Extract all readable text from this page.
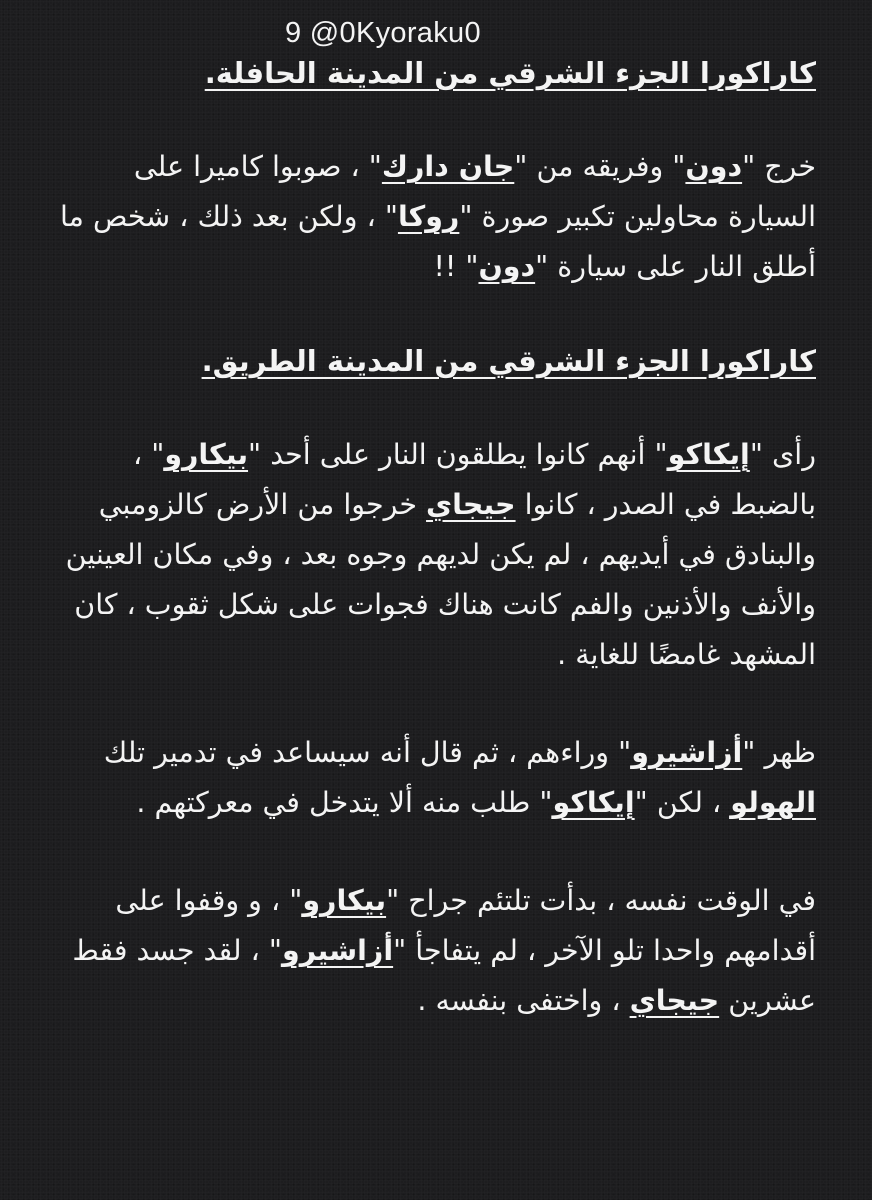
9 @0Kyoraku0
كاراكورا الجزء الشرقي من المدينة الحافلة.

خرج "دون" وفريقه من "جان دارك" ، صوبوا كاميرا على السيارة محاولين تكبير صورة "روكا" ، ولكن بعد ذلك ، شخص ما أطلق النار على سيارة "دون" !!

كاراكورا الجزء الشرقي من المدينة الطريق.

رأى "إيكاكو" أنهم كانوا يطلقون النار على أحد "بيكارو" ، بالضبط في الصدر ، كانوا جيجاي خرجوا من الأرض كالزومبي والبنادق في أيديهم ، لم يكن لديهم وجوه بعد ، وفي مكان العينين والأنف والأذنين والفم كانت هناك فجوات على شكل ثقوب ، كان المشهد غامضًا للغاية .

ظهر "أزاشيرو" وراءهم ، ثم قال أنه سيساعد في تدمير تلك الهولو ، لكن "إيكاكو" طلب منه ألا يتدخل في معركتهم .

في الوقت نفسه ، بدأت تلتئم جراح "بيكارو" ، و وقفوا على أقدامهم واحدا تلو الآخر ، لم يتفاجأ "أزاشيرو" ، لقد جسد فقط عشرين جيجاي ، واختفى بنفسه .
